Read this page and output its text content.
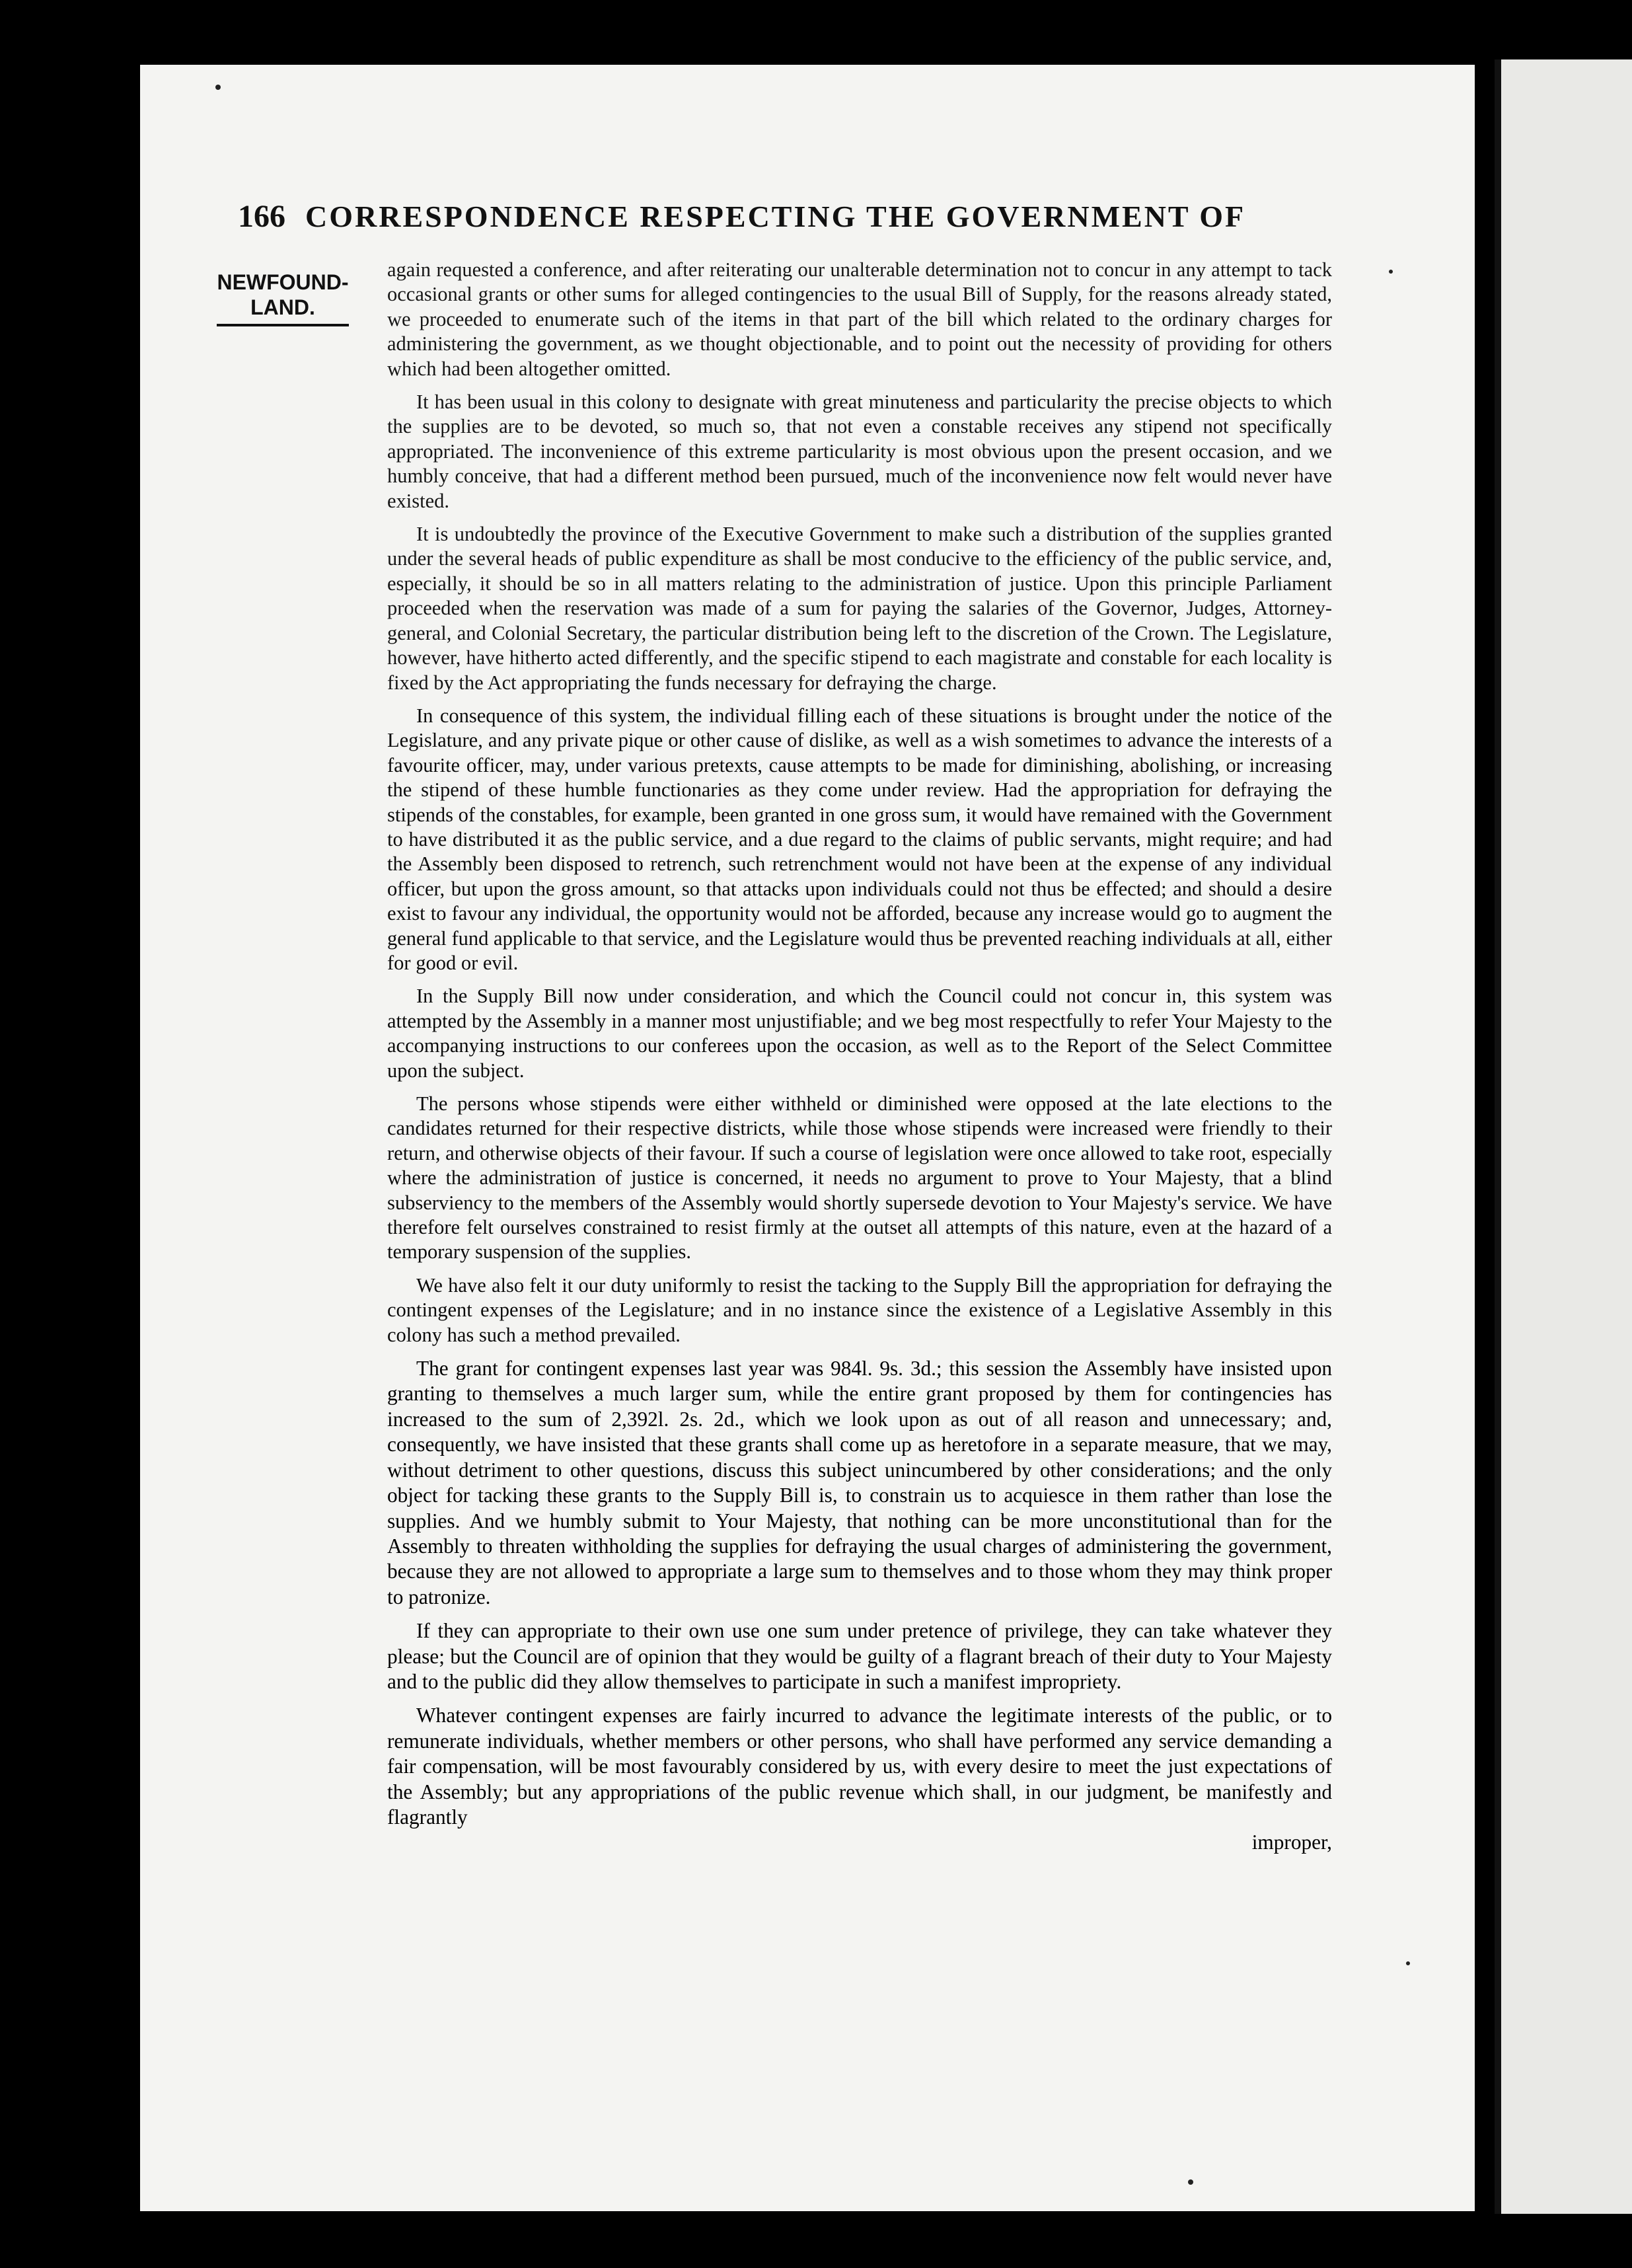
166 CORRESPONDENCE RESPECTING THE GOVERNMENT OF
NEWFOUND-
LAND.

again requested a conference, and after reiterating our unalterable determination not to concur in any attempt to tack occasional grants or other sums for alleged contingencies to the usual Bill of Supply, for the reasons already stated, we proceeded to enumerate such of the items in that part of the bill which related to the ordinary charges for administering the government, as we thought objectionable, and to point out the necessity of providing for others which had been altogether omitted.

It has been usual in this colony to designate with great minuteness and particularity the precise objects to which the supplies are to be devoted, so much so, that not even a constable receives any stipend not specifically appropriated. The inconvenience of this extreme particularity is most obvious upon the present occasion, and we humbly conceive, that had a different method been pursued, much of the inconvenience now felt would never have existed.

It is undoubtedly the province of the Executive Government to make such a distribution of the supplies granted under the several heads of public expenditure as shall be most conducive to the efficiency of the public service, and, especially, it should be so in all matters relating to the administration of justice. Upon this principle Parliament proceeded when the reservation was made of a sum for paying the salaries of the Governor, Judges, Attorney-general, and Colonial Secretary, the particular distribution being left to the discretion of the Crown. The Legislature, however, have hitherto acted differently, and the specific stipend to each magistrate and constable for each locality is fixed by the Act appropriating the funds necessary for defraying the charge.

In consequence of this system, the individual filling each of these situations is brought under the notice of the Legislature, and any private pique or other cause of dislike, as well as a wish sometimes to advance the interests of a favourite officer, may, under various pretexts, cause attempts to be made for diminishing, abolishing, or increasing the stipend of these humble functionaries as they come under review. Had the appropriation for defraying the stipends of the constables, for example, been granted in one gross sum, it would have remained with the Government to have distributed it as the public service, and a due regard to the claims of public servants, might require; and had the Assembly been disposed to retrench, such retrenchment would not have been at the expense of any individual officer, but upon the gross amount, so that attacks upon individuals could not thus be effected; and should a desire exist to favour any individual, the opportunity would not be afforded, because any increase would go to augment the general fund applicable to that service, and the Legislature would thus be prevented reaching individuals at all, either for good or evil.

In the Supply Bill now under consideration, and which the Council could not concur in, this system was attempted by the Assembly in a manner most unjustifiable; and we beg most respectfully to refer Your Majesty to the accompanying instructions to our conferees upon the occasion, as well as to the Report of the Select Committee upon the subject.

The persons whose stipends were either withheld or diminished were opposed at the late elections to the candidates returned for their respective districts, while those whose stipends were increased were friendly to their return, and otherwise objects of their favour. If such a course of legislation were once allowed to take root, especially where the administration of justice is concerned, it needs no argument to prove to Your Majesty, that a blind subserviency to the members of the Assembly would shortly supersede devotion to Your Majesty's service. We have therefore felt ourselves constrained to resist firmly at the outset all attempts of this nature, even at the hazard of a temporary suspension of the supplies.

We have also felt it our duty uniformly to resist the tacking to the Supply Bill the appropriation for defraying the contingent expenses of the Legislature; and in no instance since the existence of a Legislative Assembly in this colony has such a method prevailed.

The grant for contingent expenses last year was 984l. 9s. 3d.; this session the Assembly have insisted upon granting to themselves a much larger sum, while the entire grant proposed by them for contingencies has increased to the sum of 2,392l. 2s. 2d., which we look upon as out of all reason and unnecessary; and, consequently, we have insisted that these grants shall come up as heretofore in a separate measure, that we may, without detriment to other questions, discuss this subject unincumbered by other considerations; and the only object for tacking these grants to the Supply Bill is, to constrain us to acquiesce in them rather than lose the supplies. And we humbly submit to Your Majesty, that nothing can be more unconstitutional than for the Assembly to threaten withholding the supplies for defraying the usual charges of administering the government, because they are not allowed to appropriate a large sum to themselves and to those whom they may think proper to patronize.

If they can appropriate to their own use one sum under pretence of privilege, they can take whatever they please; but the Council are of opinion that they would be guilty of a flagrant breach of their duty to Your Majesty and to the public did they allow themselves to participate in such a manifest impropriety.

Whatever contingent expenses are fairly incurred to advance the legitimate interests of the public, or to remunerate individuals, whether members or other persons, who shall have performed any service demanding a fair compensation, will be most favourably considered by us, with every desire to meet the just expectations of the Assembly; but any appropriations of the public revenue which shall, in our judgment, be manifestly and flagrantly

improper,
